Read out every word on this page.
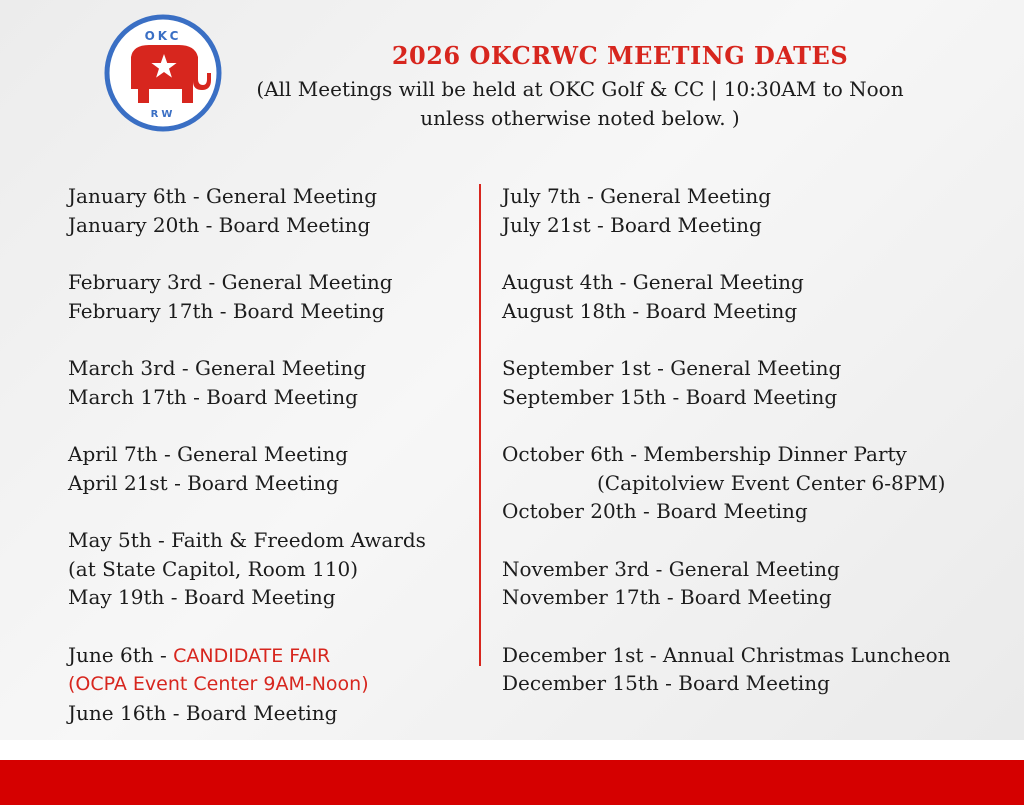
OKC
RW
2026 OKCRWC MEETING DATES
(All Meetings will be held at OKC Golf & CC | 10:30AM to Noon
unless otherwise noted below. )
January 6th - General Meeting
January 20th - Board Meeting
February 3rd - General Meeting
February 17th - Board Meeting
March 3rd - General Meeting
March 17th - Board Meeting
April 7th - General Meeting
April 21st - Board Meeting
May 5th - Faith & Freedom Awards
(at State Capitol, Room 110)
May 19th - Board Meeting
June 6th - CANDIDATE FAIR
(OCPA Event Center 9AM-Noon)
June 16th - Board Meeting
July 7th - General Meeting
July 21st - Board Meeting
August 4th - General Meeting
August 18th - Board Meeting
September 1st - General Meeting
September 15th - Board Meeting
October 6th - Membership Dinner Party
(Capitolview Event Center 6-8PM)
October 20th - Board Meeting
November 3rd - General Meeting
November 17th - Board Meeting
December 1st - Annual Christmas Luncheon
December 15th - Board Meeting
